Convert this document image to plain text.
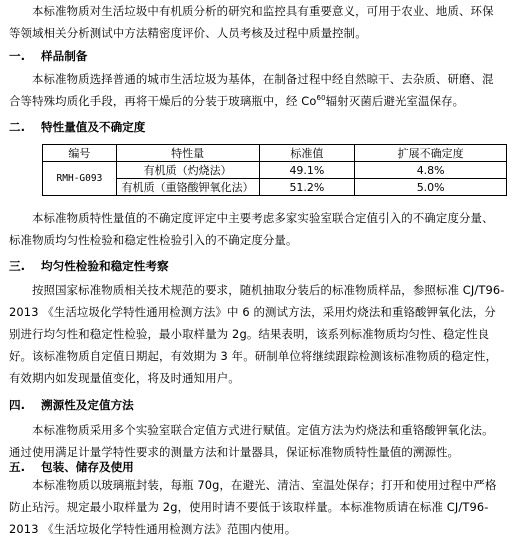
本标准物质对生活垃圾中有机质分析的研究和监控具有重要意义，可用于农业、地质、环保等领域相关分析测试中方法精密度评价、人员考核及过程中质量控制。

一. 样品制备

本标准物质选择普通的城市生活垃圾为基体，在制备过程中经自然晾干、去杂质、研磨、混合等特殊均质化手段，再将干燥后的分装于玻璃瓶中，经 Co$^{60}$辐射灭菌后避光室温保存。

二. 特性量值及不确定度
编号	特性量	标准值	扩展不确定度
RMH-G093	有机质（灼烧法）	49.1%	4.8%
	有机质（重铬酸钾氧化法）	51.2%	5.0%

本标准物质特性量值的不确定度评定中主要考虑多家实验室联合定值引入的不确定度分量、标准物质均匀性检验和稳定性检验引入的不确定度分量。

三. 均匀性检验和稳定性考察

按照国家标准物质相关技术规范的要求，随机抽取分装后的标准物质样品，参照标准 CJ/T96-2013 《生活垃圾化学特性通用检测方法》中 6 的测试方法，采用灼烧法和重铬酸钾氧化法，分别进行均匀性和稳定性检验，最小取样量为 2g。结果表明，该系列标准物质均匀性、稳定性良好。该标准物质自定值日期起，有效期为 3 年。研制单位将继续跟踪检测该标准物质的稳定性，有效期内如发现量值变化，将及时通知用户。

四. 溯源性及定值方法

本标准物质采用多个实验室联合定值方式进行赋值。定值方法为灼烧法和重铬酸钾氧化法。通过使用满足计量学特性要求的测量方法和计量器具，保证标准物质特性量值的溯源性。

五. 包装、储存及使用

本标准物质以玻璃瓶封装，每瓶 70g，在避光、清洁、室温处保存；打开和使用过程中严格防止玷污。规定最小取样量为 2g，使用时请不要低于该取样量。本标准物质请在标准 CJ/T96-2013 《生活垃圾化学特性通用检测方法》范围内使用。
